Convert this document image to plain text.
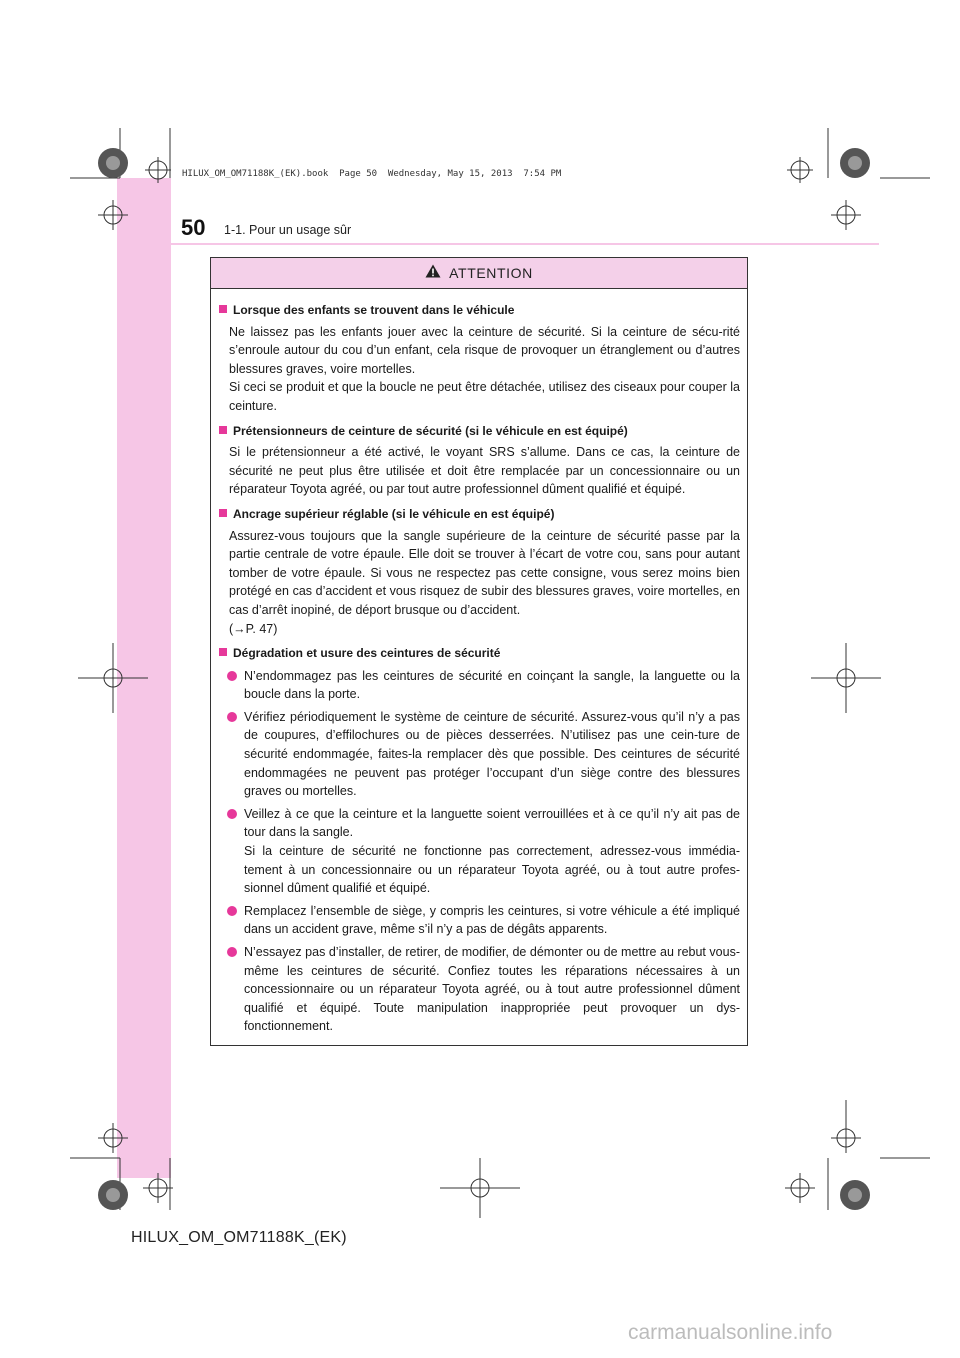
HILUX_OM_OM71188K_(EK).book  Page 50  Wednesday, May 15, 2013  7:54 PM
50 1-1. Pour un usage sûr
ATTENTION
Lorsque des enfants se trouvent dans le véhicule
Ne laissez pas les enfants jouer avec la ceinture de sécurité. Si la ceinture de sécu-rité s’enroule autour du cou d’un enfant, cela risque de provoquer un étranglement ou d’autres blessures graves, voire mortelles.
Si ceci se produit et que la boucle ne peut être détachée, utilisez des ciseaux pour couper la ceinture.
Prétensionneurs de ceinture de sécurité (si le véhicule en est équipé)
Si le prétensionneur a été activé, le voyant SRS s’allume. Dans ce cas, la ceinture de sécurité ne peut plus être utilisée et doit être remplacée par un concessionnaire ou un réparateur Toyota agréé, ou par tout autre professionnel dûment qualifié et équipé.
Ancrage supérieur réglable (si le véhicule en est équipé)
Assurez-vous toujours que la sangle supérieure de la ceinture de sécurité passe par la partie centrale de votre épaule. Elle doit se trouver à l’écart de votre cou, sans pour autant tomber de votre épaule. Si vous ne respectez pas cette consigne, vous serez moins bien protégé en cas d’accident et vous risquez de subir des blessures graves, voire mortelles, en cas d’arrêt inopiné, de déport brusque ou d’accident.
(→P. 47)
Dégradation et usure des ceintures de sécurité
N’endommagez pas les ceintures de sécurité en coinçant la sangle, la languette ou la boucle dans la porte.
Vérifiez périodiquement le système de ceinture de sécurité. Assurez-vous qu’il n’y a pas de coupures, d’effilochures ou de pièces desserrées. N’utilisez pas une cein-ture de sécurité endommagée, faites-la remplacer dès que possible. Des ceintures de sécurité endommagées ne peuvent pas protéger l’occupant d’un siège contre des blessures graves ou mortelles.
Veillez à ce que la ceinture et la languette soient verrouillées et à ce qu’il n’y ait pas de tour dans la sangle.
Si la ceinture de sécurité ne fonctionne pas correctement, adressez-vous immédia-tement à un concessionnaire ou un réparateur Toyota agréé, ou à tout autre profes-sionnel dûment qualifié et équipé.
Remplacez l’ensemble de siège, y compris les ceintures, si votre véhicule a été impliqué dans un accident grave, même s’il n’y a pas de dégâts apparents.
N’essayez pas d’installer, de retirer, de modifier, de démonter ou de mettre au rebut vous-même les ceintures de sécurité. Confiez toutes les réparations nécessaires à un concessionnaire ou un réparateur Toyota agréé, ou à tout autre professionnel dûment qualifié et équipé. Toute manipulation inappropriée peut provoquer un dys-fonctionnement.
HILUX_OM_OM71188K_(EK)
carmanualsonline.info
